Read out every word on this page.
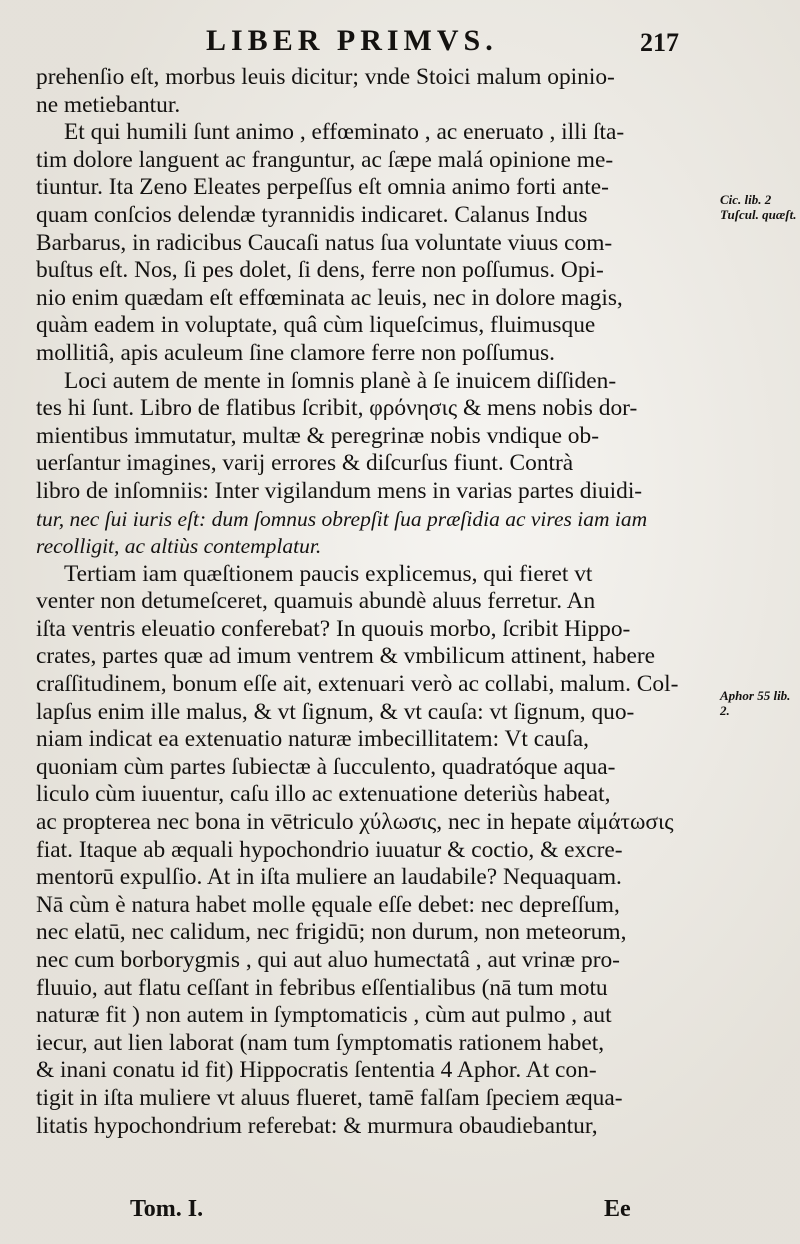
LIBER PRIMVS.	217
prehenſio eſt, morbus leuis dicitur; vnde Stoici malum opinio-
ne metiebantur.
Et qui humili ſunt animo , effœminato , ac eneruato , illi ſta-
tim dolore languent ac franguntur, ac ſæpe malá opinione me-
tiuntur. Ita Zeno Eleates perpeſſus eſt omnia animo forti ante-
quam conſcios delendæ tyrannidis indicaret. Calanus Indus
Barbarus, in radicibus Caucaſi natus ſua voluntate viuus com-
buſtus eſt. Nos, ſi pes dolet, ſi dens, ferre non poſſumus. Opi-
nio enim quædam eſt effœminata ac leuis, nec in dolore magis,
quàm eadem in voluptate, quâ cùm liqueſcimus, fluimusque
mollitiâ, apis aculeum ſine clamore ferre non poſſumus.
Loci autem de mente in ſomnis planè à ſe inuicem diſſiden-
tes hi ſunt. Libro de flatibus ſcribit, φρόνησις & mens nobis dor-
mientibus immutatur, multæ & peregrinæ nobis vndique ob-
uerſantur imagines, varij errores & diſcurſus fiunt. Contrà
libro de inſomniis: Inter vigilandum mens in varias partes diuidi-
tur, nec ſui iuris eſt: dum ſomnus obrepſit ſua præſidia ac vires iam iam
recolligit, ac altiùs contemplatur.
Tertiam iam quæſtionem paucis explicemus, qui fieret vt
venter non detumeſceret, quamuis abundè aluus ferretur. An
iſta ventris eleuatio conferebat? In quouis morbo, ſcribit Hippo-
crates, partes quæ ad imum ventrem & vmbilicum attinent, habere
craſſitudinem, bonum eſſe ait, extenuari verò ac collabi, malum. Col-
lapſus enim ille malus, & vt ſignum, & vt cauſa: vt ſignum, quo-
niam indicat ea extenuatio naturæ imbecillitatem: Vt cauſa,
quoniam cùm partes ſubiectæ à ſucculento, quadratóque aqua-
liculo cùm iuuentur, caſu illo ac extenuatione deteriùs habeat,
ac propterea nec bona in vētriculo χύλωσις, nec in hepate αἱμάτωσις
fiat. Itaque ab æquali hypochondrio iuuatur & coctio, & excre-
mentorū expulſio. At in iſta muliere an laudabile? Nequaquam.
Nā cùm è natura habet molle ęquale eſſe debet: nec depreſſum,
nec elatū, nec calidum, nec frigidū; non durum, non meteorum,
nec cum borborygmis , qui aut aluo humectatâ , aut vrinæ pro-
fluuio, aut flatu ceſſant in febribus eſſentialibus (nā tum motu
naturæ fit ) non autem in ſymptomaticis , cùm aut pulmo , aut
iecur, aut lien laborat (nam tum ſymptomatis rationem habet,
& inani conatu id fit) Hippocratis ſententia 4 Aphor. At con-
tigit in iſta muliere vt aluus flueret, tamē falſam ſpeciem æqua-
litatis hypochondrium referebat: & murmura obaudiebantur,
Cic. lib. 2 Tuſcul. quæſt.
Aphor 55 lib. 2.
Tom. I.	Ee
